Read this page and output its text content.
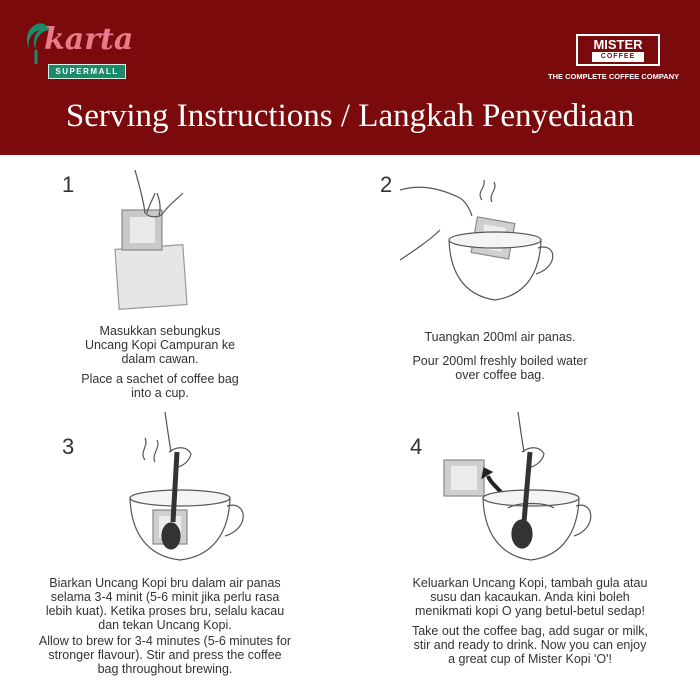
karta
SUPERMALL
MISTER
COFFEE
THE COMPLETE COFFEE COMPANY
Serving Instructions / Langkah Penyediaan
1
Masukkan sebungkus
Uncang Kopi Campuran ke
dalam cawan.
Place a sachet of coffee bag
into a cup.
2
Tuangkan 200ml air panas.
Pour 200ml freshly boiled water
over coffee bag.
3
Biarkan Uncang Kopi bru dalam air panas
selama 3-4 minit (5-6 minit jika perlu rasa
lebih kuat). Ketika proses bru, selalu kacau
dan tekan Uncang Kopi.
Allow to brew for 3-4 minutes (5-6 minutes for
stronger flavour). Stir and press the coffee
bag throughout brewing.
4
Keluarkan Uncang Kopi, tambah gula atau
susu dan kacaukan. Anda kini boleh
menikmati kopi O yang betul-betul sedap!
Take out the coffee bag, add sugar or milk,
stir and ready to drink. Now you can enjoy
a great cup of Mister Kopi 'O'!
